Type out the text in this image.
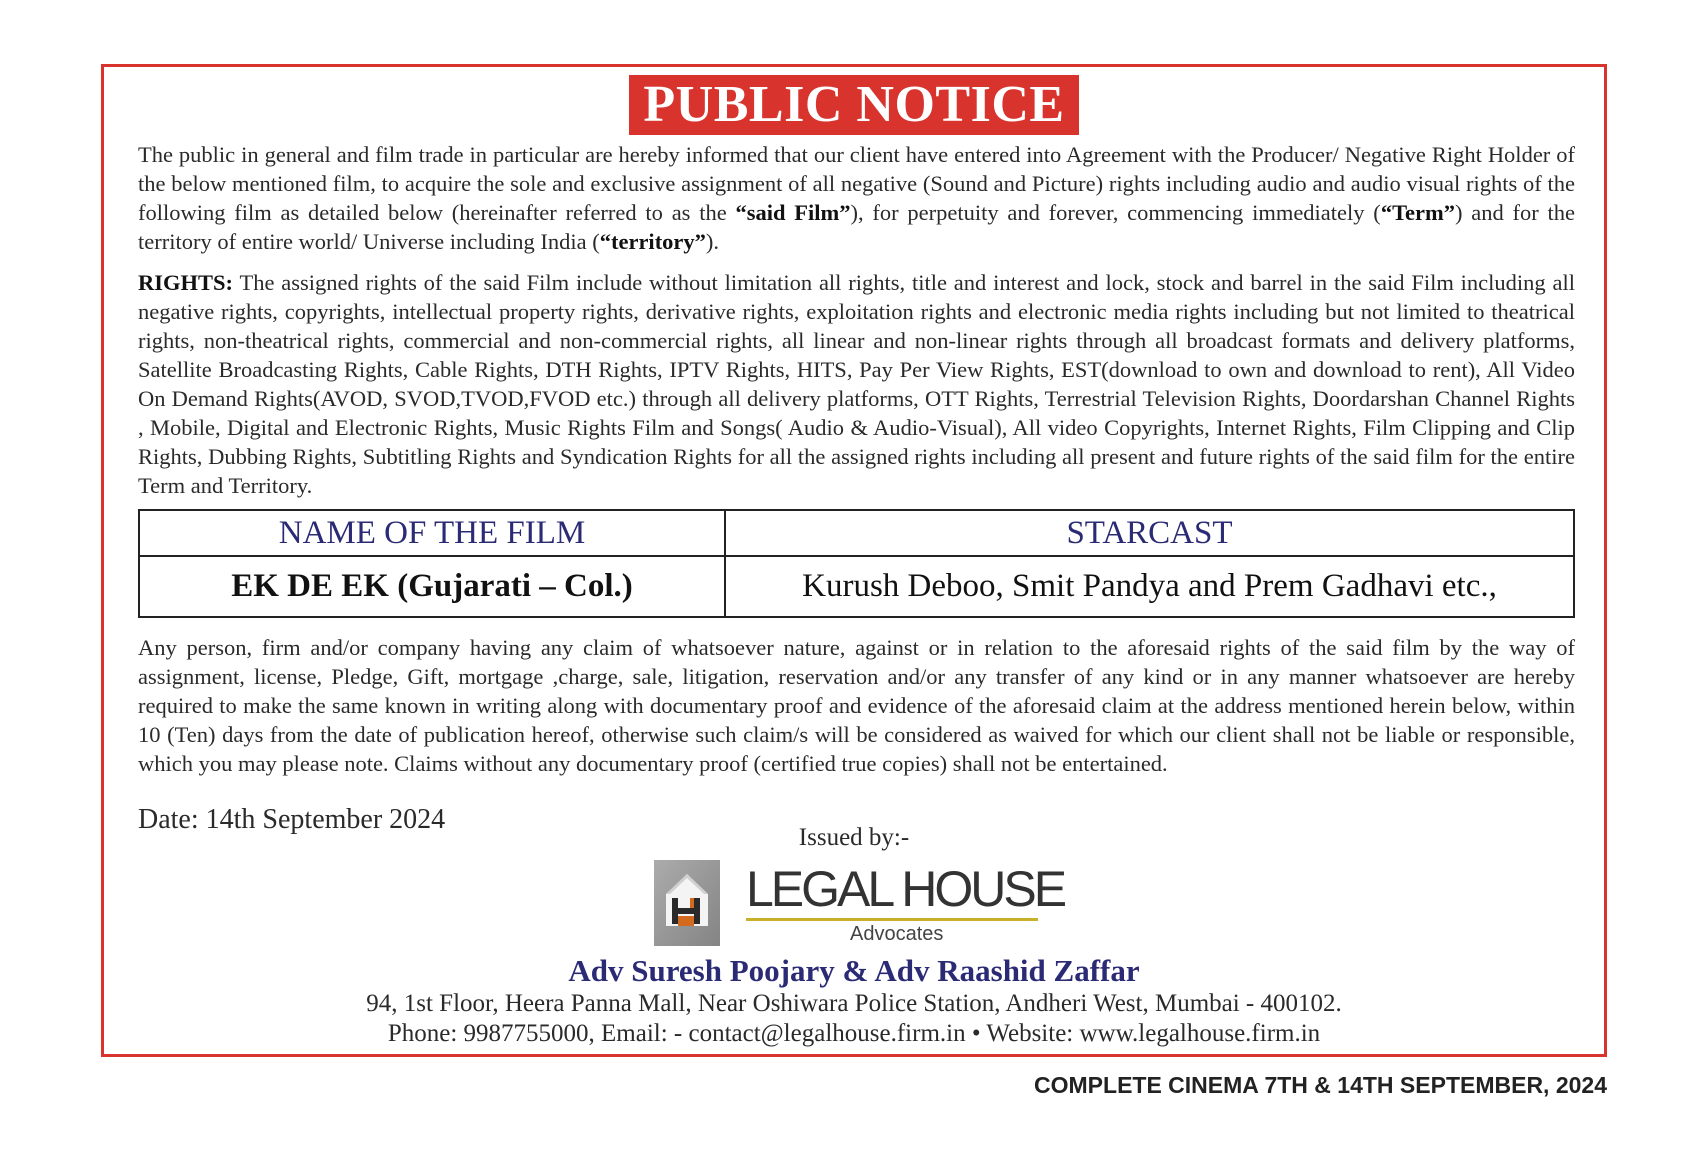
PUBLIC NOTICE

The public in general and film trade in particular are hereby informed that our client have entered into Agreement with the Producer/ Negative Right Holder of the below mentioned film, to acquire the sole and exclusive assignment of all negative (Sound and Picture) rights including audio and audio visual rights of the following film as detailed below (hereinafter referred to as the “said Film”), for perpetuity and forever, commencing immediately (“Term”) and for the territory of entire world/ Universe including India (“territory”).

RIGHTS: The assigned rights of the said Film include without limitation all rights, title and interest and lock, stock and barrel in the said Film including all negative rights, copyrights, intellectual property rights, derivative rights, exploitation rights and electronic media rights including but not limited to theatrical rights, non-theatrical rights, commercial and non-commercial rights, all linear and non-linear rights through all broadcast formats and delivery platforms, Satellite Broadcasting Rights, Cable Rights, DTH Rights, IPTV Rights, HITS, Pay Per View Rights, EST(download to own and download to rent), All Video On Demand Rights(AVOD, SVOD,TVOD,FVOD etc.) through all delivery platforms, OTT Rights, Terrestrial Television Rights, Doordarshan Channel Rights , Mobile, Digital and Electronic Rights, Music Rights Film and Songs( Audio & Audio-Visual), All video Copyrights, Internet Rights, Film Clipping and Clip Rights, Dubbing Rights, Subtitling Rights and Syndication Rights for all the assigned rights including all present and future rights of the said film for the entire Term and Territory.

NAME OF THE FILM	STARCAST
EK DE EK (Gujarati – Col.)	Kurush Deboo, Smit Pandya and Prem Gadhavi etc.,

Any person, firm and/or company having any claim of whatsoever nature, against or in relation to the aforesaid rights of the said film by the way of assignment, license, Pledge, Gift, mortgage ,charge, sale, litigation, reservation and/or any transfer of any kind or in any manner whatsoever are hereby required to make the same known in writing along with documentary proof and evidence of the aforesaid claim at the address mentioned herein below, within 10 (Ten) days from the date of publication hereof, otherwise such claim/s will be considered as waived for which our client shall not be liable or responsible, which you may please note. Claims without any documentary proof (certified true copies) shall not be entertained.

Date: 14th September 2024
Issued by:-
LEGAL HOUSE
Advocates
Adv Suresh Poojary & Adv Raashid Zaffar
94, 1st Floor, Heera Panna Mall, Near Oshiwara Police Station, Andheri West, Mumbai - 400102.
Phone: 9987755000, Email: - contact@legalhouse.firm.in • Website: www.legalhouse.firm.in
COMPLETE CINEMA 7TH & 14TH SEPTEMBER, 2024
